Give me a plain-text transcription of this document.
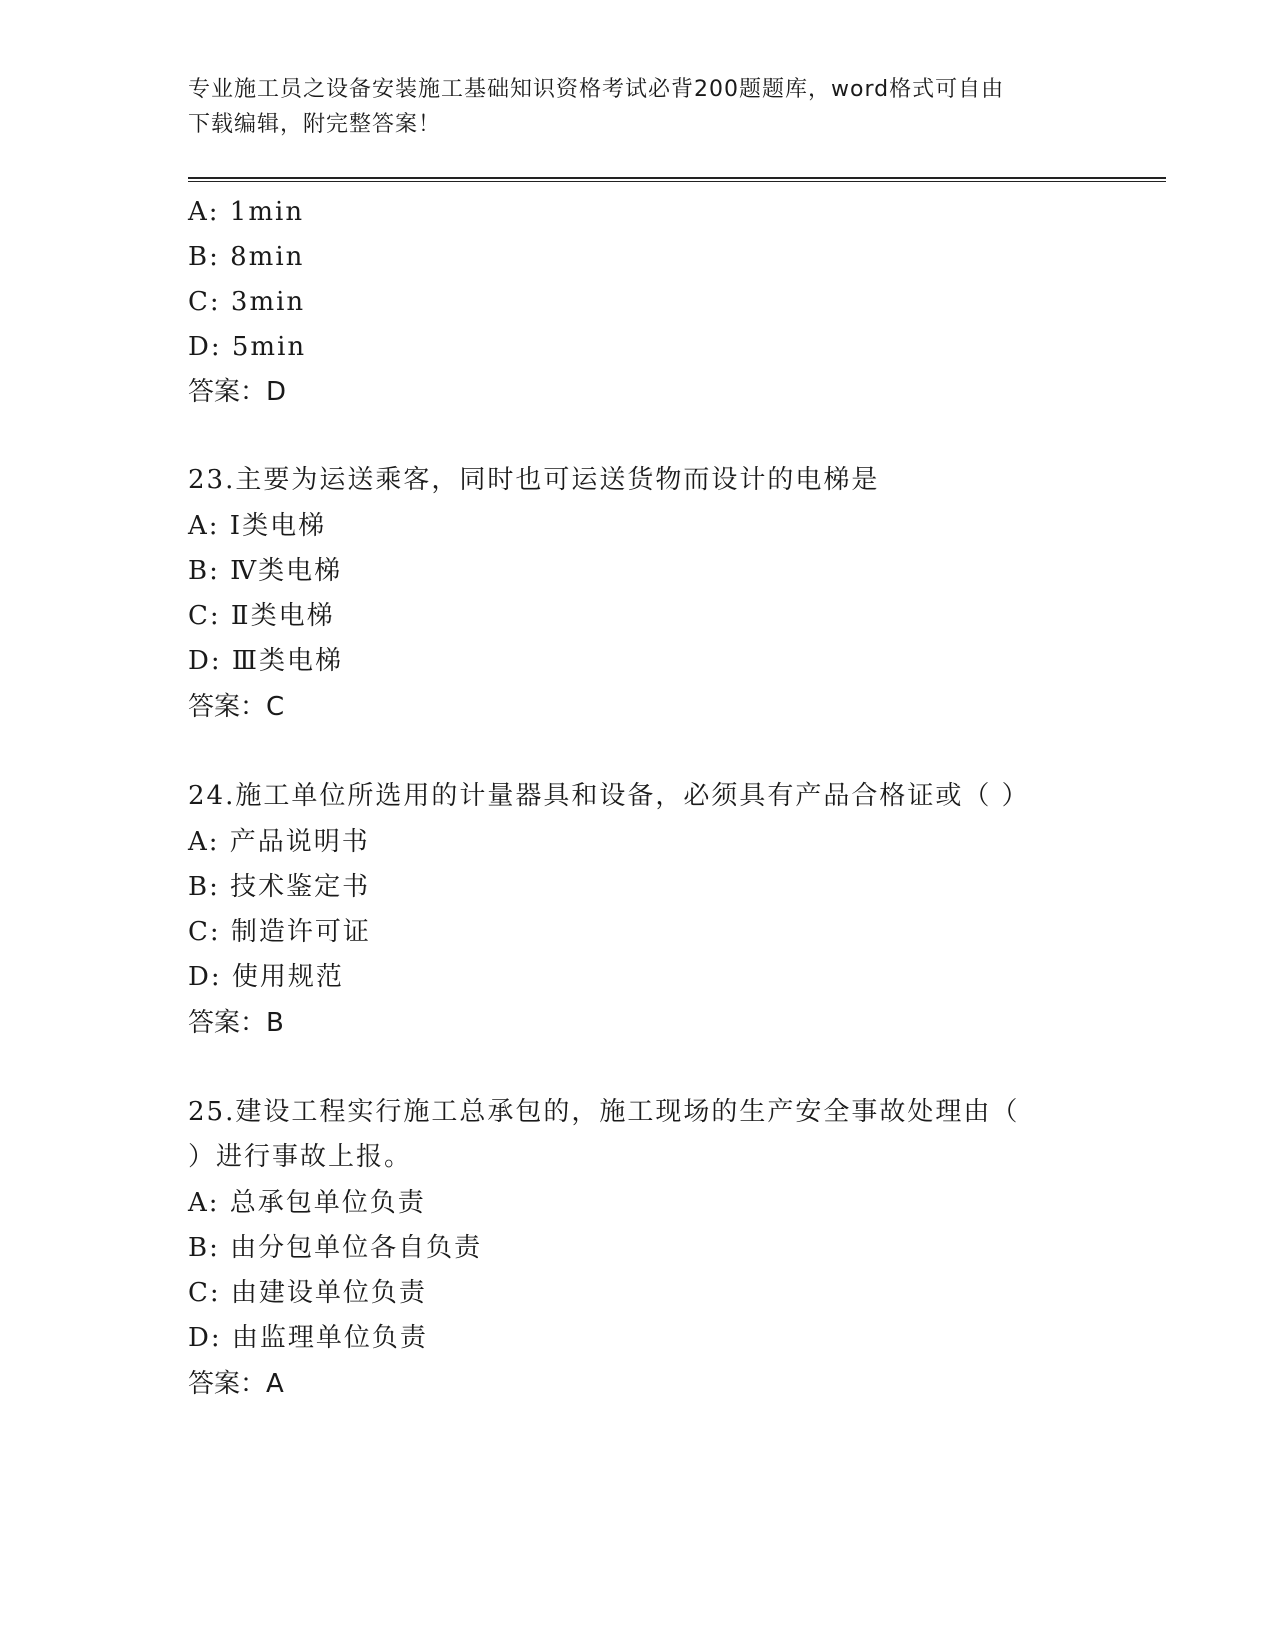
专业施工员之设备安装施工基础知识资格考试必背200题题库，word格式可自由
下载编辑，附完整答案！
A: 1min
B: 8min
C: 3min
D: 5min
答案：D
23.主要为运送乘客，同时也可运送货物而设计的电梯是
A: Ⅰ类电梯
B: Ⅳ类电梯
C: Ⅱ类电梯
D: Ⅲ类电梯
答案：C
24.施工单位所选用的计量器具和设备，必须具有产品合格证或（ ）
A: 产品说明书
B: 技术鉴定书
C: 制造许可证
D: 使用规范
答案：B
25.建设工程实行施工总承包的，施工现场的生产安全事故处理由（
）进行事故上报。
A: 总承包单位负责
B: 由分包单位各自负责
C: 由建设单位负责
D: 由监理单位负责
答案：A
